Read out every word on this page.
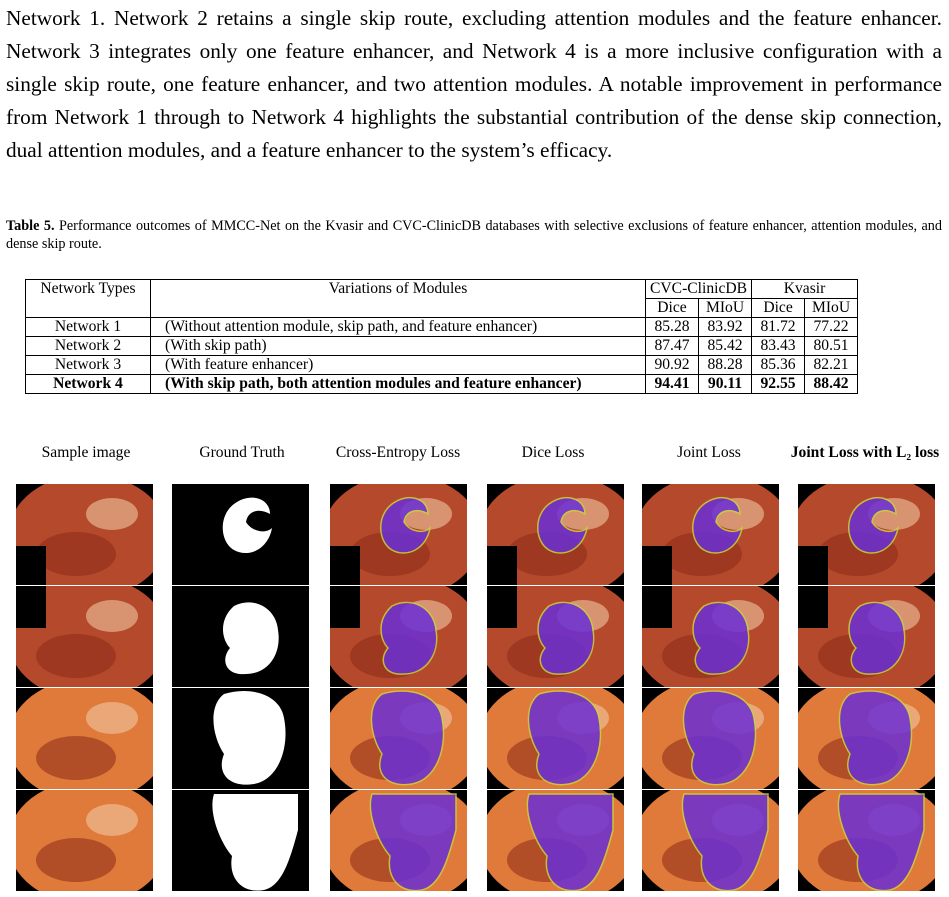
Network 1. Network 2 retains a single skip route, excluding attention modules and the feature enhancer. Network 3 integrates only one feature enhancer, and Network 4 is a more inclusive configuration with a single skip route, one feature enhancer, and two attention modules. A notable improvement in performance from Network 1 through to Network 4 highlights the substantial contribution of the dense skip connection, dual attention modules, and a feature enhancer to the system’s efficacy.
Table 5. Performance outcomes of MMCC-Net on the Kvasir and CVC-ClinicDB databases with selective exclusions of feature enhancer, attention modules, and dense skip route.
Network Types	Variations of Modules	CVC-ClinicDB		Kvasir	
		Dice	MIoU	Dice	MIoU
Network 1	(Without attention module, skip path, and feature enhancer)	85.28	83.92	81.72	77.22
Network 2	(With skip path)	87.47	85.42	83.43	80.51
Network 3	(With feature enhancer)	90.92	88.28	85.36	82.21
Network 4	(With skip path, both attention modules and feature enhancer)	94.41	90.11	92.55	88.42
Sample image	Ground Truth	Cross-Entropy Loss	Dice Loss	Joint Loss	Joint Loss with L₂ loss
